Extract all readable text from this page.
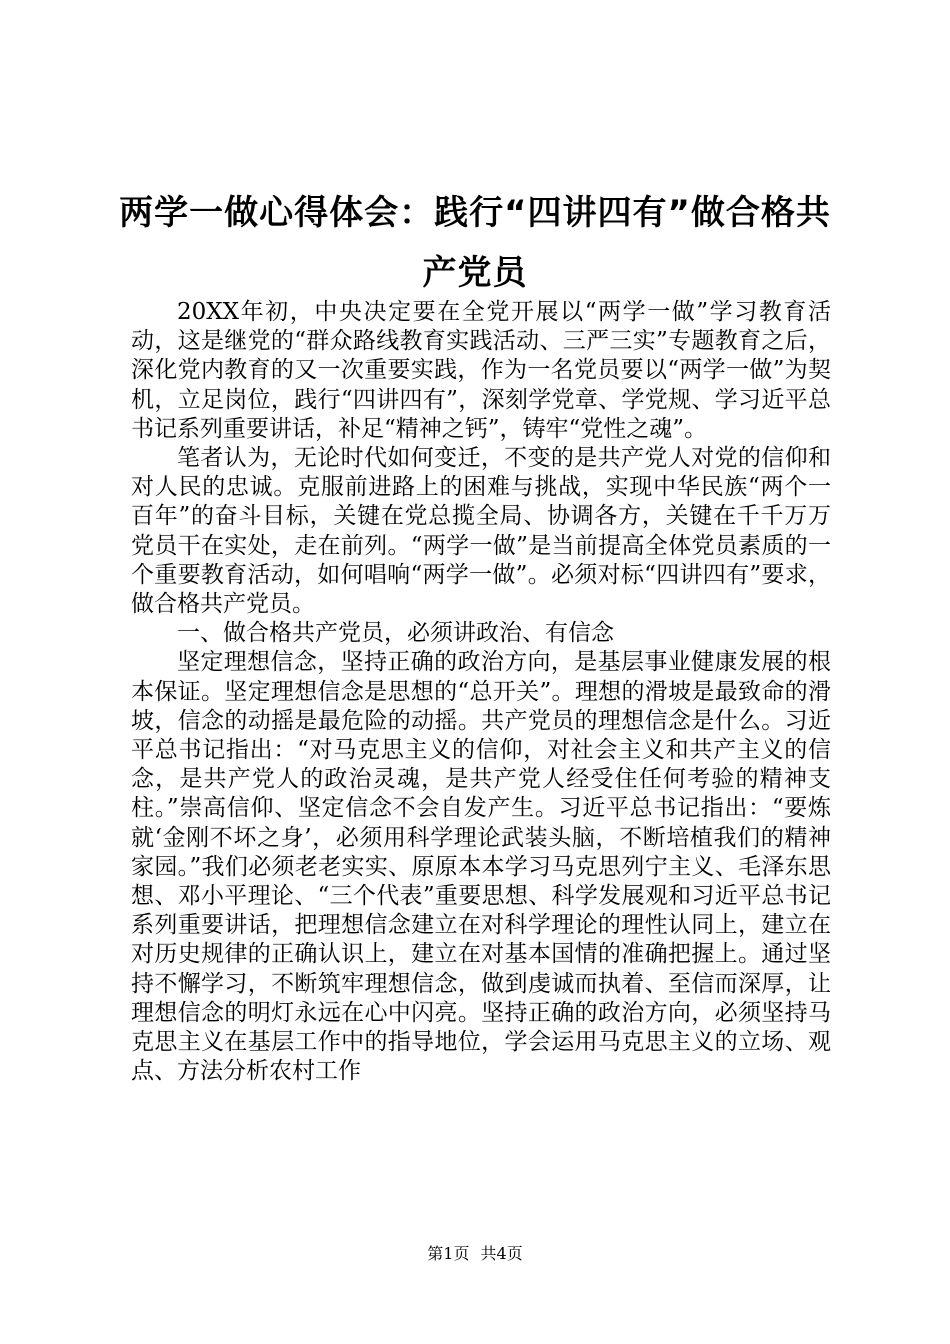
两学一做心得体会：践行“四讲四有”做合格共产党员

20XX年初，中央决定要在全党开展以“两学一做”学习教育活动，这是继党的“群众路线教育实践活动、三严三实”专题教育之后，深化党内教育的又一次重要实践，作为一名党员要以“两学一做”为契机，立足岗位，践行“四讲四有”，深刻学党章、学党规、学习近平总书记系列重要讲话，补足“精神之钙”，铸牢“党性之魂”。

笔者认为，无论时代如何变迁，不变的是共产党人对党的信仰和对人民的忠诚。克服前进路上的困难与挑战，实现中华民族“两个一百年”的奋斗目标，关键在党总揽全局、协调各方，关键在千千万万党员干在实处，走在前列。“两学一做”是当前提高全体党员素质的一个重要教育活动，如何唱响“两学一做”。必须对标“四讲四有”要求，做合格共产党员。

一、做合格共产党员，必须讲政治、有信念

坚定理想信念，坚持正确的政治方向，是基层事业健康发展的根本保证。坚定理想信念是思想的“总开关”。理想的滑坡是最致命的滑坡，信念的动摇是最危险的动摇。共产党员的理想信念是什么。习近平总书记指出：“对马克思主义的信仰，对社会主义和共产主义的信念，是共产党人的政治灵魂，是共产党人经受住任何考验的精神支柱。”崇高信仰、坚定信念不会自发产生。习近平总书记指出：“要炼就‘金刚不坏之身’，必须用科学理论武装头脑，不断培植我们的精神家园。”我们必须老老实实、原原本本学习马克思列宁主义、毛泽东思想、邓小平理论、“三个代表”重要思想、科学发展观和习近平总书记系列重要讲话，把理想信念建立在对科学理论的理性认同上，建立在对历史规律的正确认识上，建立在对基本国情的准确把握上。通过坚持不懈学习，不断筑牢理想信念，做到虔诚而执着、至信而深厚，让理想信念的明灯永远在心中闪亮。坚持正确的政治方向，必须坚持马克思主义在基层工作中的指导地位，学会运用马克思主义的立场、观点、方法分析农村工作

第1页 共4页
